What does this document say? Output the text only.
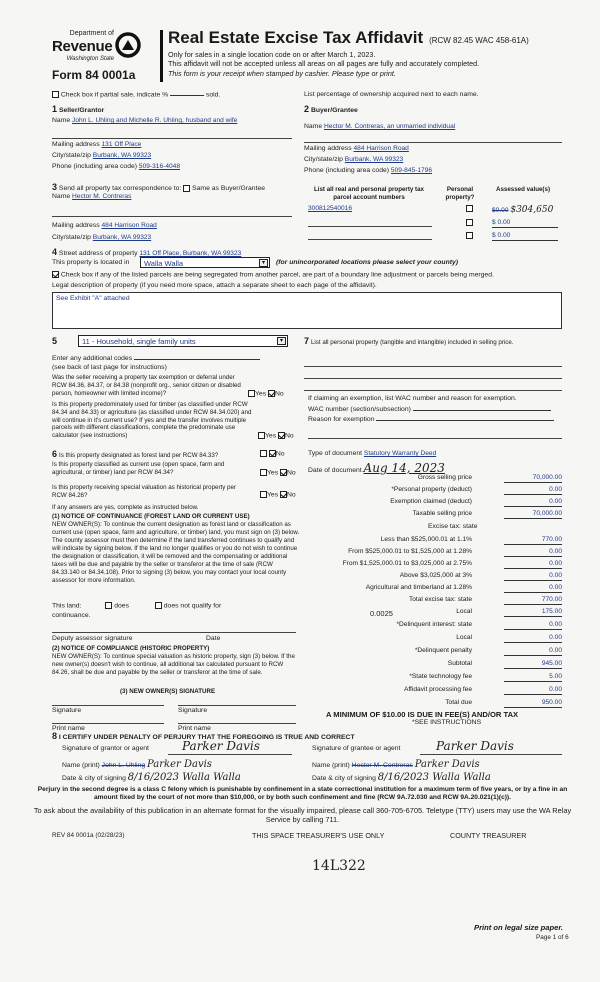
Department of
Revenue
Washington State
Form 84 0001a
Real Estate Excise Tax Affidavit (RCW 82.45 WAC 458-61A)
Only for sales in a single location code on or after March 1, 2023.
This affidavit will not be accepted unless all areas on all pages are fully and accurately completed.
This form is your receipt when stamped by cashier. Please type or print.
Check box if partial sale, indicate %	sold.	List percentage of ownership acquired next to each name.
1 Seller/Grantor
Name John L. Uhling and Michelle R. Uhling, husband and wife
Mailing address 131 Off Place
City/state/zip Burbank, WA 99323
Phone (including area code) 509-316-4048
2 Buyer/Grantee
Name Hector M. Contreras, an unmarried individual
Mailing address 484 Harrison Road
City/state/zip Burbank, WA 99323
Phone (including area code) 509-845-1796
3 Send all property tax correspondence to: Same as Buyer/Grantee
Name Hector M. Contreras
Mailing address 484 Harrison Road
City/state/zip Burbank, WA 99323
List all real and personal property tax parcel account numbers
Personal property?
Assessed value(s)
300812540016	$0.00 $304,650
$ 0.00
$ 0.00
4 Street address of property 131 Off Place, Burbank, WA 99323
This property is located in	Walla Walla	▾	(for unincorporated locations please select your county)
Check box if any of the listed parcels are being segregated from another parcel, are part of a boundary line adjustment or parcels being merged.
Legal description of property (if you need more space, attach a separate sheet to each page of the affidavit).
See Exhibit "A" attached
5	11 - Household, single family units	▾
Enter any additional codes
(see back of last page for instructions)
Was the seller receiving a property tax exemption or deferral under RCW 84.36, 84.37, or 84.38 (nonprofit org., senior citizen or disabled person, homeowner with limited income)?	Yes No
Is this property predominately used for timber (as classified under RCW 84.34 and 84.33) or agriculture (as classified under RCW 84.34.020) and will continue in it's current use? If yes and the transfer involves multiple parcels with different classifications, complete the predominate use calculator (see instructions)	Yes No
6 Is this property designated as forest land per RCW 84.33?	No
Is this property classified as current use (open space, farm and agricultural, or timber) land per RCW 84.34?	Yes No
Is this property receiving special valuation as historical property per RCW 84.26?	Yes No
If any answers are yes, complete as instructed below.
(1) NOTICE OF CONTINUANCE (FOREST LAND OR CURRENT USE)
NEW OWNER(S): To continue the current designation as forest land or classification as current use (open space, farm and agriculture, or timber) land, you must sign on (3) below. The county assessor must then determine if the land transferred continues to qualify and will indicate by signing below. If the land no longer qualifies or you do not wish to continue the designation or classification, it will be removed and the compensating or additional taxes will be due and payable by the seller or transferor at the time of sale (RCW 84.33.140 or 84.34.108). Prior to signing (3) below, you may contact your local county assessor for more information.
This land:	does	does not qualify for
continuance.
Deputy assessor signature	Date
(2) NOTICE OF COMPLIANCE (HISTORIC PROPERTY)
NEW OWNER(S): To continue special valuation as historic property, sign (3) below. If the new owner(s) doesn't wish to continue, all additional tax calculated pursuant to RCW 84.26, shall be due and payable by the seller or transferor at the time of sale.
(3) NEW OWNER(S) SIGNATURE
Signature	Signature
Print name	Print name
7 List all personal property (tangible and intangible) included in selling price.
If claiming an exemption, list WAC number and reason for exemption.
WAC number (section/subsection)
Reason for exemption
Type of document Statutory Warranty Deed
Date of document Aug 14, 2023
Gross selling price	70,000.00
*Personal property (deduct)	0.00
Exemption claimed (deduct)	0.00
Taxable selling price	70,000.00
Excise tax: state
Less than $525,000.01 at 1.1%	770.00
From $525,000.01 to $1,525,000 at 1.28%	0.00
From $1,525,000.01 to $3,025,000 at 2.75%	0.00
Above $3,025,000 at 3%	0.00
Agricultural and timberland at 1.28%	0.00
Total excise tax: state	770.00
0.0025	Local	175.00
*Delinquent interest: state	0.00
Local	0.00
*Delinquent penalty	0.00
Subtotal	945.00
*State technology fee	5.00
Affidavit processing fee	0.00
Total due	950.00
A MINIMUM OF $10.00 IS DUE IN FEE(S) AND/OR TAX
*SEE INSTRUCTIONS
8 I CERTIFY UNDER PENALTY OF PERJURY THAT THE FOREGOING IS TRUE AND CORRECT
Signature of grantor or agent	Parker Davis
Name (print) John L. Uhling Parker Davis
Date & city of signing 8/16/2023 Walla Walla
Signature of grantee or agent	Parker Davis
Name (print) Hector M. Contreras Parker Davis
Date & city of signing 8/16/2023 Walla Walla
Perjury in the second degree is a class C felony which is punishable by confinement in a state correctional institution for a maximum term of five years, or by a fine in an amount fixed by the court of not more than $10,000, or by both such confinement and fine (RCW 9A.72.030 and RCW 9A.20.021(1)(c)).
To ask about the availability of this publication in an alternate format for the visually impaired, please call 360-705-6705. Teletype (TTY) users may use the WA Relay Service by calling 711.
REV 84 0001a (02/28/23)	THIS SPACE TREASURER'S USE ONLY	COUNTY TREASURER
14L322
Print on legal size paper.
Page 1 of 6
